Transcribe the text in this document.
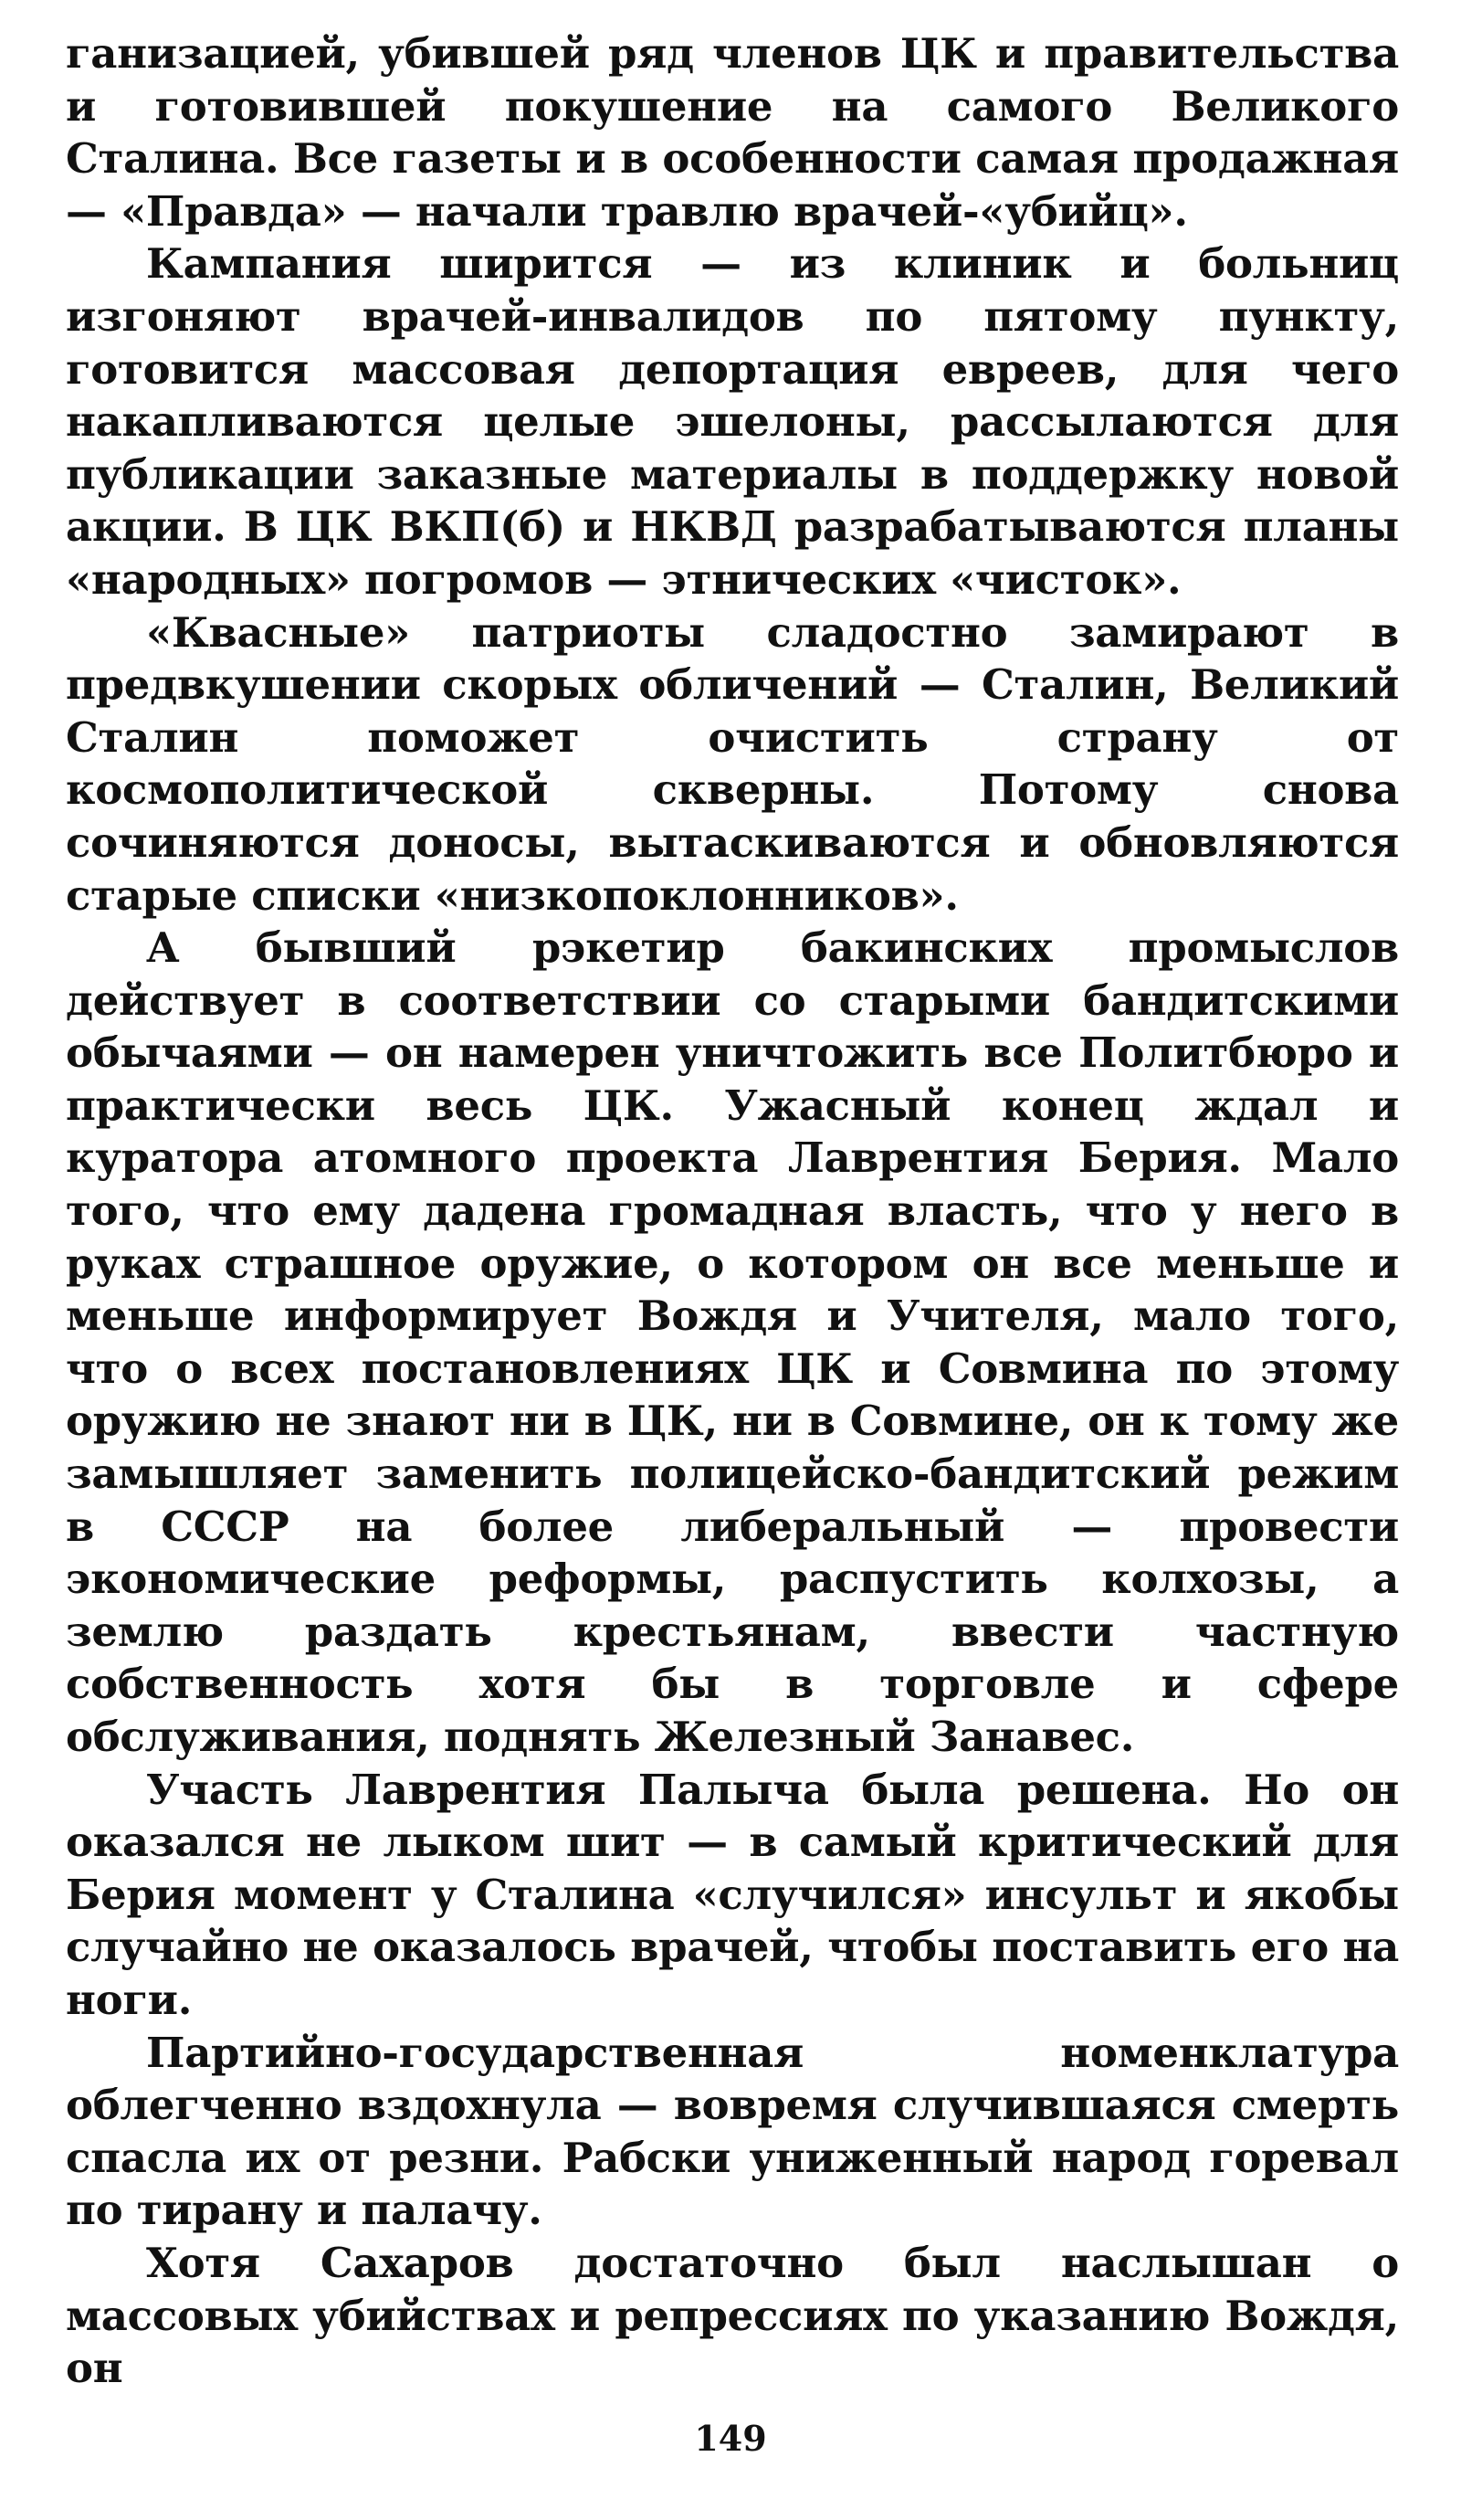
ганизацией, убившей ряд членов ЦК и правительства и готовившей покушение на самого Великого Сталина. Все газеты и в особенности самая продажная — «Правда» — начали травлю врачей-«убийц».

Кампания ширится — из клиник и больниц изгоняют врачей-инвалидов по пятому пункту, готовится массовая депортация евреев, для чего накапливаются целые эшелоны, рассылаются для публикации заказные материалы в поддержку новой акции. В ЦК ВКП(б) и НКВД разрабатываются планы «народных» погромов — этнических «чисток».

«Квасные» патриоты сладостно замирают в предвкушении скорых обличений — Сталин, Великий Сталин поможет очистить страну от космополитической скверны. Потому снова сочиняются доносы, вытаскиваются и обновляются старые списки «низкопоклонников».

А бывший рэкетир бакинских промыслов действует в соответствии со старыми бандитскими обычаями — он намерен уничтожить все Политбюро и практически весь ЦК. Ужасный конец ждал и куратора атомного проекта Лаврентия Берия. Мало того, что ему дадена громадная власть, что у него в руках страшное оружие, о котором он все меньше и меньше информирует Вождя и Учителя, мало того, что о всех постановлениях ЦК и Совмина по этому оружию не знают ни в ЦК, ни в Совмине, он к тому же замышляет заменить полицейско-бандитский режим в СССР на более либеральный — провести экономические реформы, распустить колхозы, а землю раздать крестьянам, ввести частную собственность хотя бы в торговле и сфере обслуживания, поднять Железный Занавес.

Участь Лаврентия Палыча была решена. Но он оказался не лыком шит — в самый критический для Берия момент у Сталина «случился» инсульт и якобы случайно не оказалось врачей, чтобы поставить его на ноги.

Партийно-государственная номенклатура облегченно вздохнула — вовремя случившаяся смерть спасла их от резни. Рабски униженный народ горевал по тирану и палачу.

Хотя Сахаров достаточно был наслышан о массовых убийствах и репрессиях по указанию Вождя, он

149
